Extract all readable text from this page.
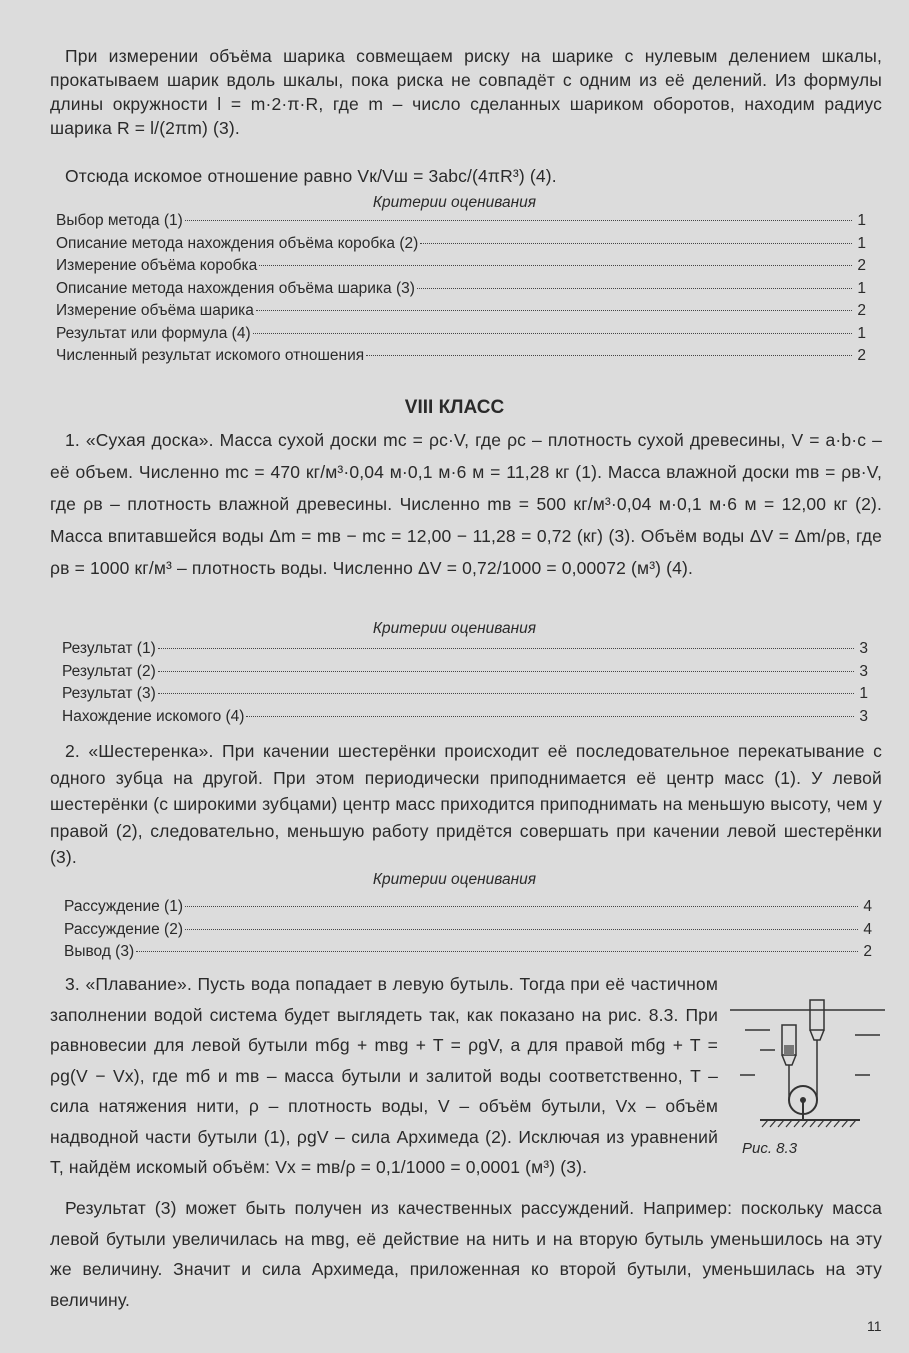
При измерении объёма шарика совмещаем риску на шарике с нулевым делением шкалы, прокатываем шарик вдоль шкалы, пока риска не совпадёт с одним из её делений. Из формулы длины окружности l = m·2·π·R, где m – число сделанных шариком оборотов, находим радиус шарика R = l/(2πm) (3).

Отсюда искомое отношение равно Vк/Vш = 3abc/(4πR³) (4).

Критерии оценивания
Выбор метода (1)	1
Описание метода нахождения объёма коробка (2)	1
Измерение объёма коробка	2
Описание метода нахождения объёма шарика (3)	1
Измерение объёма шарика	2
Результат или формула (4)	1
Численный результат искомого отношения	2
VIII КЛАСС

1. «Сухая доска». Масса сухой доски mс = ρс·V, где ρс – плотность сухой древесины, V = a·b·c – её объем. Численно mс = 470 кг/м³·0,04 м·0,1 м·6 м = 11,28 кг (1). Масса влажной доски mв = ρв·V, где ρв – плотность влажной древесины. Численно mв = 500 кг/м³·0,04 м·0,1 м·6 м = 12,00 кг (2). Масса впитавшейся воды Δm = mв − mс = 12,00 − 11,28 = 0,72 (кг) (3). Объём воды ΔV = Δm/ρв, где ρв = 1000 кг/м³ – плотность воды. Численно ΔV = 0,72/1000 = 0,00072 (м³) (4).

Критерии оценивания
Результат (1)	3
Результат (2)	3
Результат (3)	1
Нахождение искомого (4)	3

2. «Шестеренка». При качении шестерёнки происходит её последовательное перекатывание с одного зубца на другой. При этом периодически приподнимается её центр масс (1). У левой шестерёнки (с широкими зубцами) центр масс приходится приподнимать на меньшую высоту, чем у правой (2), следовательно, меньшую работу придётся совершать при качении левой шестерёнки (3).

Критерии оценивания
Рассуждение (1)	4
Рассуждение (2)	4
Вывод (3)	2

3. «Плавание». Пусть вода попадает в левую бутыль. Тогда при её частичном заполнении водой система будет выглядеть так, как показано на рис. 8.3. При равновесии для левой бутыли mбg + mвg + T = ρgV, а для правой mбg + T = ρg(V − Vx), где mб и mв – масса бутыли и залитой воды соответственно, T – сила натяжения нити, ρ – плотность воды, V – объём бутыли, Vx – объём надводной части бутыли (1), ρgV – сила Архимеда (2). Исключая из уравнений T, найдём искомый объём: Vx = mв/ρ = 0,1/1000 = 0,0001 (м³) (3).

Рис. 8.3

Результат (3) может быть получен из качественных рассуждений. Например: поскольку масса левой бутыли увеличилась на mвg, её действие на нить и на вторую бутыль уменьшилось на эту же величину. Значит и сила Архимеда, приложенная ко второй бутыли, уменьшилась на эту величину.

11
